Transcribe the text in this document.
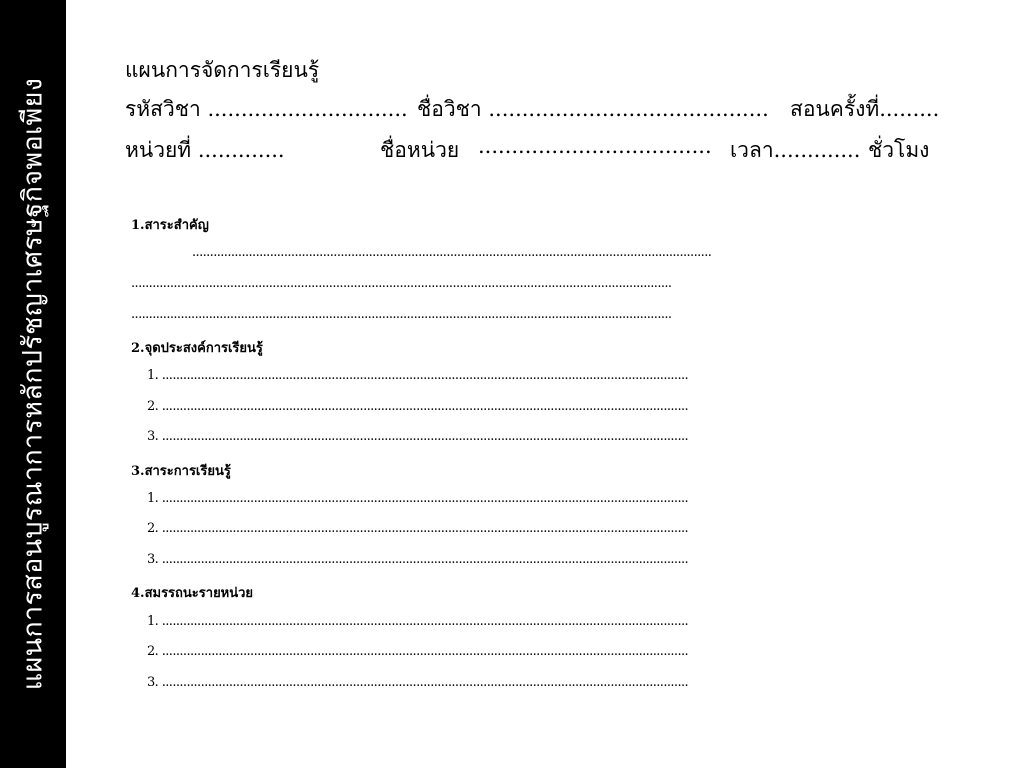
แผนการสอนบูรณาการหลักปรัชญาเศรษฐกิจพอเพียง
แผนการจัดการเรียนรู้
รหัสวิชา .............................. ชื่อวิชา .......................................... สอนครั้งที่.........
หน่วยที่ .............	ชื่อหน่วย ................................... เวลา............. ชั่วโมง
1.สาระสำคัญ
...................................................................................................................................................
.........................................................................................................................................................
.........................................................................................................................................................
2.จุดประสงค์การเรียนรู้
1. .....................................................................................................................................................
2. .....................................................................................................................................................
3. .....................................................................................................................................................
3.สาระการเรียนรู้
1. .....................................................................................................................................................
2. .....................................................................................................................................................
3. .....................................................................................................................................................
4.สมรรถนะรายหน่วย
1. .....................................................................................................................................................
2. .....................................................................................................................................................
3. .....................................................................................................................................................
